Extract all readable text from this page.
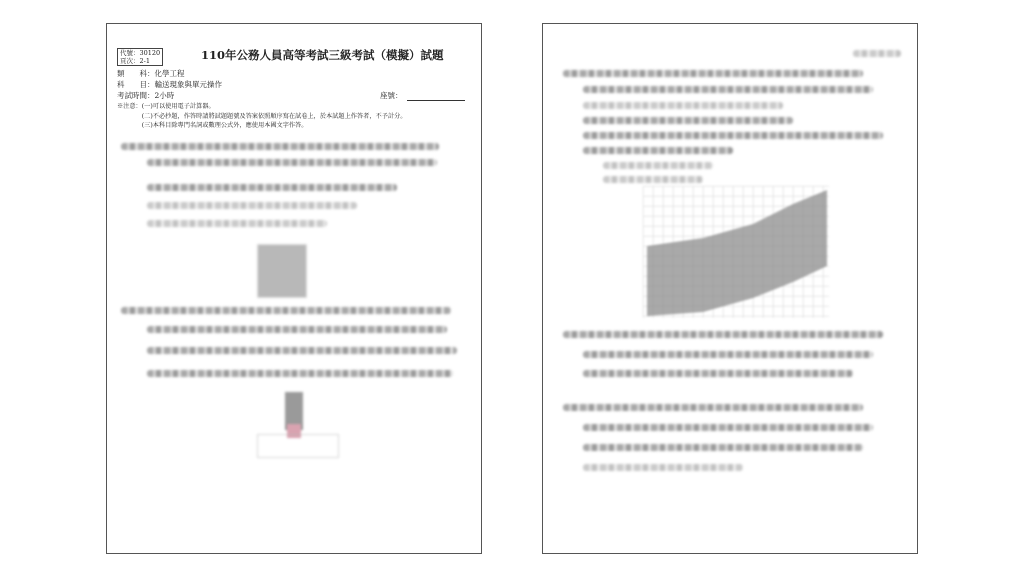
代號：30120
頁次：2-1	110年公務人員高等考試三級考試（模擬）試題
類　　科：化學工程
科　　目：輸送現象與單元操作
考試時間：2小時	座號：
※注意：(一)可以使用電子計算器。
　　　　(二)不必抄題，作答時請將試題題號及答案依照順序寫在試卷上，於本試題上作答者，不予計分。
　　　　(三)本科目除專門名詞或數理公式外，應使用本國文字作答。
